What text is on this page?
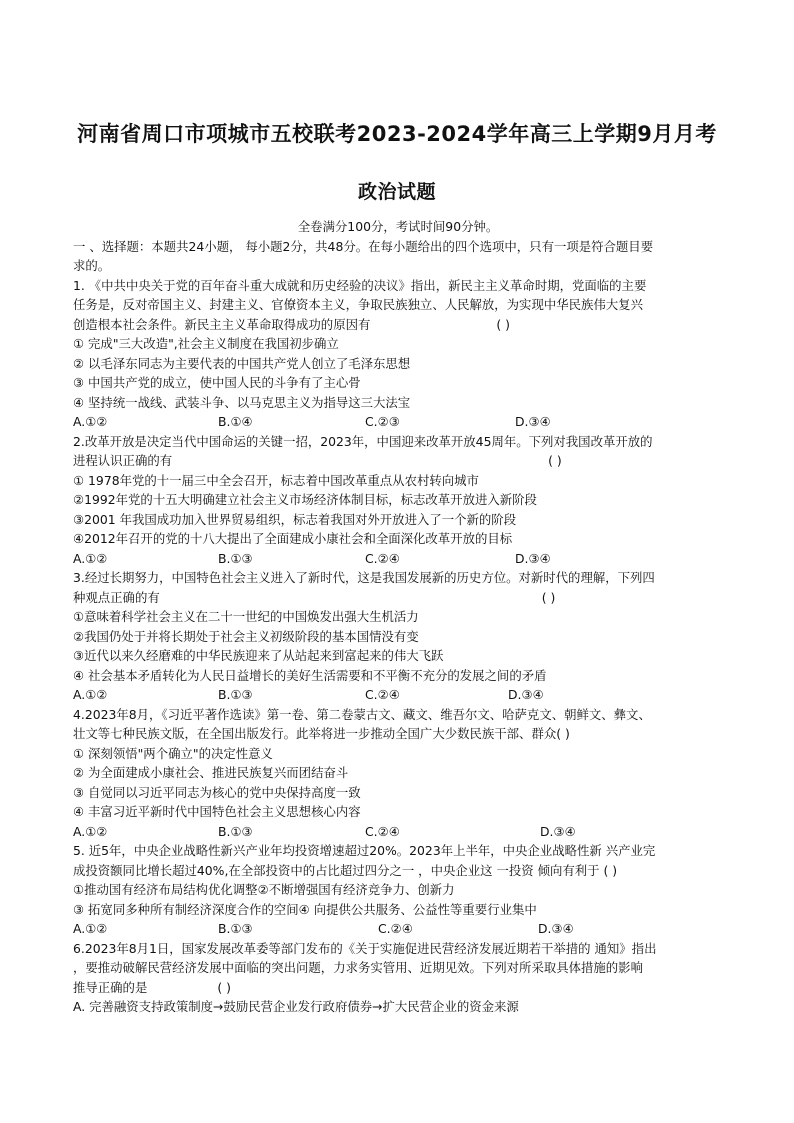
河南省周口市项城市五校联考2023-2024学年高三上学期9月月考
政治试题
全卷满分100分，考试时间90分钟。
一 、选择题：本题共24小题， 每小题2分，共48分。在每小题给出的四个选项中，只有一项是符合题目要
求的。
1. 《中共中央关于党的百年奋斗重大成就和历史经验的决议》指出，新民主主义革命时期，党面临的主要
任务是，反对帝国主义、封建主义、官僚资本主义，争取民族独立、人民解放，为实现中华民族伟大复兴
创造根本社会条件。新民主主义革命取得成功的原因有	( )
① 完成"三大改造",社会主义制度在我国初步确立
② 以毛泽东同志为主要代表的中国共产党人创立了毛泽东思想
③ 中国共产党的成立，使中国人民的斗争有了主心骨
④ 坚持统一战线、武装斗争、以马克思主义为指导这三大法宝
A.①②	B.①④	C.②③	D.③④
2.改革开放是决定当代中国命运的关键一招，2023年，中国迎来改革开放45周年。下列对我国改革开放的
进程认识正确的有	( )
① 1978年党的十一届三中全会召开，标志着中国改革重点从农村转向城市
②1992年党的十五大明确建立社会主义市场经济体制目标，标志改革开放进入新阶段
③2001 年我国成功加入世界贸易组织，标志着我国对外开放进入了一个新的阶段
④2012年召开的党的十八大提出了全面建成小康社会和全面深化改革开放的目标
A.①②	B.①③	C.②④	D.③④
3.经过长期努力，中国特色社会主义进入了新时代，这是我国发展新的历史方位。对新时代的理解，下列四
种观点正确的有	( )
①意味着科学社会主义在二十一世纪的中国焕发出强大生机活力
②我国仍处于并将长期处于社会主义初级阶段的基本国情没有变
③近代以来久经磨难的中华民族迎来了从站起来到富起来的伟大飞跃
④ 社会基本矛盾转化为人民日益增长的美好生活需要和不平衡不充分的发展之间的矛盾
A.①②	B.①③	C.②④	D.③④
4.2023年8月，《习近平著作选读》第一卷、第二卷蒙古文、藏文、维吾尔文、哈萨克文、朝鲜文、彝文、
壮文等七种民族文版，在全国出版发行。此举将进一步推动全国广大少数民族干部、群众( )
① 深刻领悟"两个确立"的决定性意义
② 为全面建成小康社会、推进民族复兴而团结奋斗
③ 自觉同以习近平同志为核心的党中央保持高度一致
④ 丰富习近平新时代中国特色社会主义思想核心内容
A.①②	B.①③	C.②④	D.③④
5. 近5年，中央企业战略性新兴产业年均投资增速超过20%。2023年上半年，中央企业战略性新 兴产业完
成投资额同比增长超过40%,在全部投资中的占比超过四分之一 ，中央企业这 一投资 倾向有利于 ( )
①推动国有经济布局结构优化调整②不断增强国有经济竞争力、创新力
③ 拓宽同多种所有制经济深度合作的空间④ 向提供公共服务、公益性等重要行业集中
A.①②	B.①③	C.②④	D.③④
6.2023年8月1日，国家发展改革委等部门发布的《关于实施促进民营经济发展近期若干举措的 通知》指出
，要推动破解民营经济发展中面临的突出问题，力求务实管用、近期见效。下列对所采取具体措施的影响
推导正确的是	( )
A. 完善融资支持政策制度→鼓励民营企业发行政府债券→扩大民营企业的资金来源
